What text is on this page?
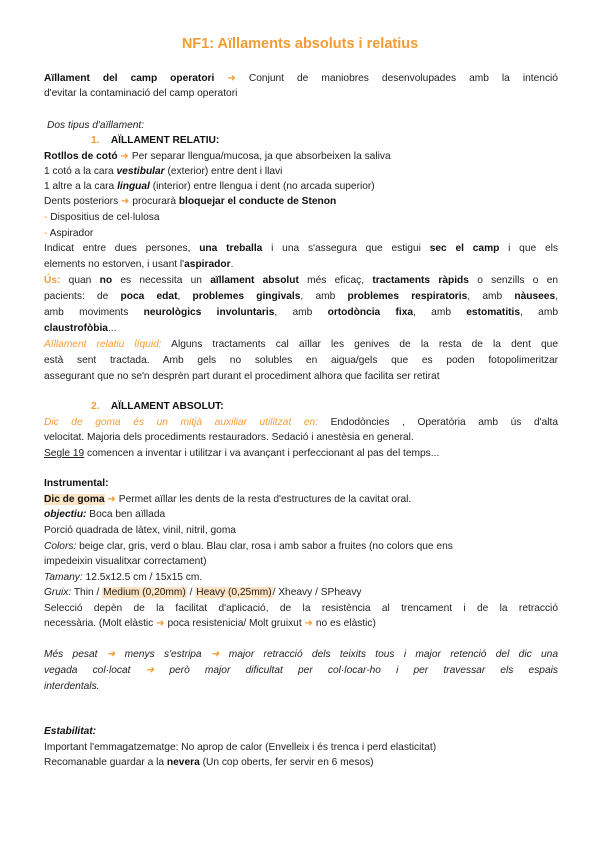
NF1: Aïllaments absoluts i relatius
Aïllament del camp operatori ➜ Conjunt de maniobres desenvolupades amb la intenció
d'evitar la contaminació del camp operatori
Dos tipus d'aïllament:
1. AÏLLAMENT RELATIU:
Rotllos de cotó ➜ Per separar llengua/mucosa, ja que absorbeixen la saliva
1 cotó a la cara vestibular (exterior) entre dent i llavi
1 altre a la cara lingual (interior) entre llengua i dent (no arcada superior)
Dents posteriors ➜ procurarà bloquejar el conducte de Stenon
- Dispositius de cel·lulosa
- Aspirador
Indicat entre dues persones, una treballa i una s'assegura que estigui sec el camp i que els
elements no estorven, i usant l'aspirador.
Ús: quan no es necessita un aïllament absolut més eficaç, tractaments ràpids o senzills o en
pacients: de poca edat, problemes gingivals, amb problemes respiratoris, amb nàusees,
amb moviments neurològics involuntaris, amb ortodòncia fixa, amb estomatitis, amb
claustrofòbia...
Aïllament relatiu líquid: Alguns tractaments cal aïllar les genives de la resta de la dent que
està sent tractada. Amb gels no solubles en aigua/gels que es poden fotopolimeritzar
assegurant que no se'n desprèn part durant el procediment alhora que facilita ser retirat
2. AÏLLAMENT ABSOLUT:
Dic de goma és un mitjà auxiliar utilitzat en: Endodòncies , Operatòria amb ús d'alta
velocitat. Majoria dels procediments restauradors. Sedació i anestèsia en general.
Segle 19 comencen a inventar i utilitzar i va avançant i perfeccionant al pas del temps...
Instrumental:
Dic de goma ➜ Permet aïllar les dents de la resta d'estructures de la cavitat oral.
objectiu: Boca ben aïllada
Porció quadrada de làtex, vinil, nitril, goma
Colors: beige clar, gris, verd o blau. Blau clar, rosa i amb sabor a fruites (no colors que ens
impedeixin visualitxar correctament)
Tamany: 12.5x12.5 cm / 15x15 cm.
Gruix: Thin / Medium (0,20mm) / Heavy (0,25mm)/ Xheavy / SPheavy
Selecció depèn de la facilitat d'aplicació, de la resistència al trencament i de la retracció
necessària. (Molt elàstic ➜ poca resistenicia/ Molt gruixut ➜ no es elàstic)
Més pesat ➜ menys s'estripa ➜ major retracció dels teixits tous i major retenció del dic una
vegada col·locat ➜ però major dificultat per col·locar-ho i per travessar els espais
interdentals.
Estabilitat:
Important l'emmagatzematge: No aprop de calor (Envelleix i és trenca i perd elasticitat)
Recomanable guardar a la nevera (Un cop oberts, fer servir en 6 mesos)
